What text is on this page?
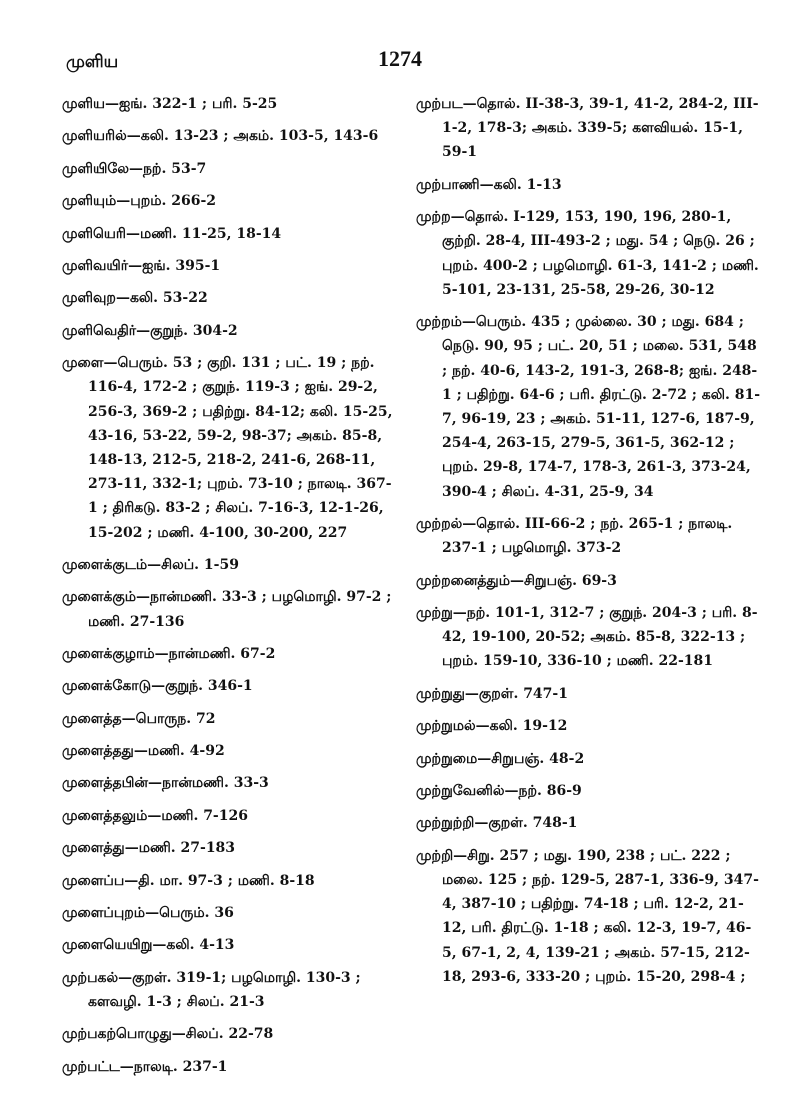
முளிய	1274
முளிய—ஐங். 322-1 ; பரி. 5-25
முளியரில்—கலி. 13-23 ; அகம். 103-5, 143-6
முளியிலே—நற். 53-7
முளியும்—புறம். 266-2
முளியெரி—மணி. 11-25, 18-14
முளிவயிர்—ஐங். 395-1
முளிவுற—கலி. 53-22
முளிவெதிர்—குறுந். 304-2
முளை—பெரும். 53 ; குறி. 131 ; பட். 19 ; நற். 116-4, 172-2 ; குறுந். 119-3 ; ஐங். 29-2, 256-3, 369-2 ; பதிற்று. 84-12; கலி. 15-25, 43-16, 53-22, 59-2, 98-37; அகம். 85-8, 148-13, 212-5, 218-2, 241-6, 268-11, 273-11, 332-1; புறம். 73-10 ; நாலடி. 367-1 ; திரிகடு. 83-2 ; சிலப். 7-16-3, 12-1-26, 15-202 ; மணி. 4-100, 30-200, 227
முளைக்குடம்—சிலப். 1-59
முளைக்கும்—நான்மணி. 33-3 ; பழமொழி. 97-2 ; மணி. 27-136
முளைக்குழாம்—நான்மணி. 67-2
முளைக்கோடு—குறுந். 346-1
முளைத்த—பொருந. 72
முளைத்தது—மணி. 4-92
முளைத்தபின்—நான்மணி. 33-3
முளைத்தலும்—மணி. 7-126
முளைத்து—மணி. 27-183
முளைப்ப—தி. மா. 97-3 ; மணி. 8-18
முளைப்புறம்—பெரும். 36
முளையெயிறு—கலி. 4-13
முற்பகல்—குறள். 319-1; பழமொழி. 130-3 ; களவழி. 1-3 ; சிலப். 21-3
முற்பகற்பொழுது—சிலப். 22-78
முற்பட்ட—நாலடி. 237-1
முற்பட—தொல். II-38-3, 39-1, 41-2, 284-2, III-1-2, 178-3; அகம். 339-5; களவியல். 15-1, 59-1
முற்பாணி—கலி. 1-13
முற்ற—தொல். I-129, 153, 190, 196, 280-1, குற்றி. 28-4, III-493-2 ; மது. 54 ; நெடு. 26 ; புறம். 400-2 ; பழமொழி. 61-3, 141-2 ; மணி. 5-101, 23-131, 25-58, 29-26, 30-12
முற்றம்—பெரும். 435 ; முல்லை. 30 ; மது. 684 ; நெடு. 90, 95 ; பட். 20, 51 ; மலை. 531, 548 ; நற். 40-6, 143-2, 191-3, 268-8; ஐங். 248-1 ; பதிற்று. 64-6 ; பரி. திரட்டு. 2-72 ; கலி. 81-7, 96-19, 23 ; அகம். 51-11, 127-6, 187-9, 254-4, 263-15, 279-5, 361-5, 362-12 ; புறம். 29-8, 174-7, 178-3, 261-3, 373-24, 390-4 ; சிலப். 4-31, 25-9, 34
முற்றல்—தொல். III-66-2 ; நற். 265-1 ; நாலடி. 237-1 ; பழமொழி. 373-2
முற்றனைத்தும்—சிறுபஞ். 69-3
முற்று—நற். 101-1, 312-7 ; குறுந். 204-3 ; பரி. 8-42, 19-100, 20-52; அகம். 85-8, 322-13 ; புறம். 159-10, 336-10 ; மணி. 22-181
முற்றுது—குறள். 747-1
முற்றுமல்—கலி. 19-12
முற்றுமை—சிறுபஞ். 48-2
முற்றுவேனில்—நற். 86-9
முற்றுற்றி—குறள். 748-1
முற்றி—சிறு. 257 ; மது. 190, 238 ; பட். 222 ; மலை. 125 ; நற். 129-5, 287-1, 336-9, 347-4, 387-10 ; பதிற்று. 74-18 ; பரி. 12-2, 21-12, பரி. திரட்டு. 1-18 ; கலி. 12-3, 19-7, 46-5, 67-1, 2, 4, 139-21 ; அகம். 57-15, 212-18, 293-6, 333-20 ; புறம். 15-20, 298-4 ;
